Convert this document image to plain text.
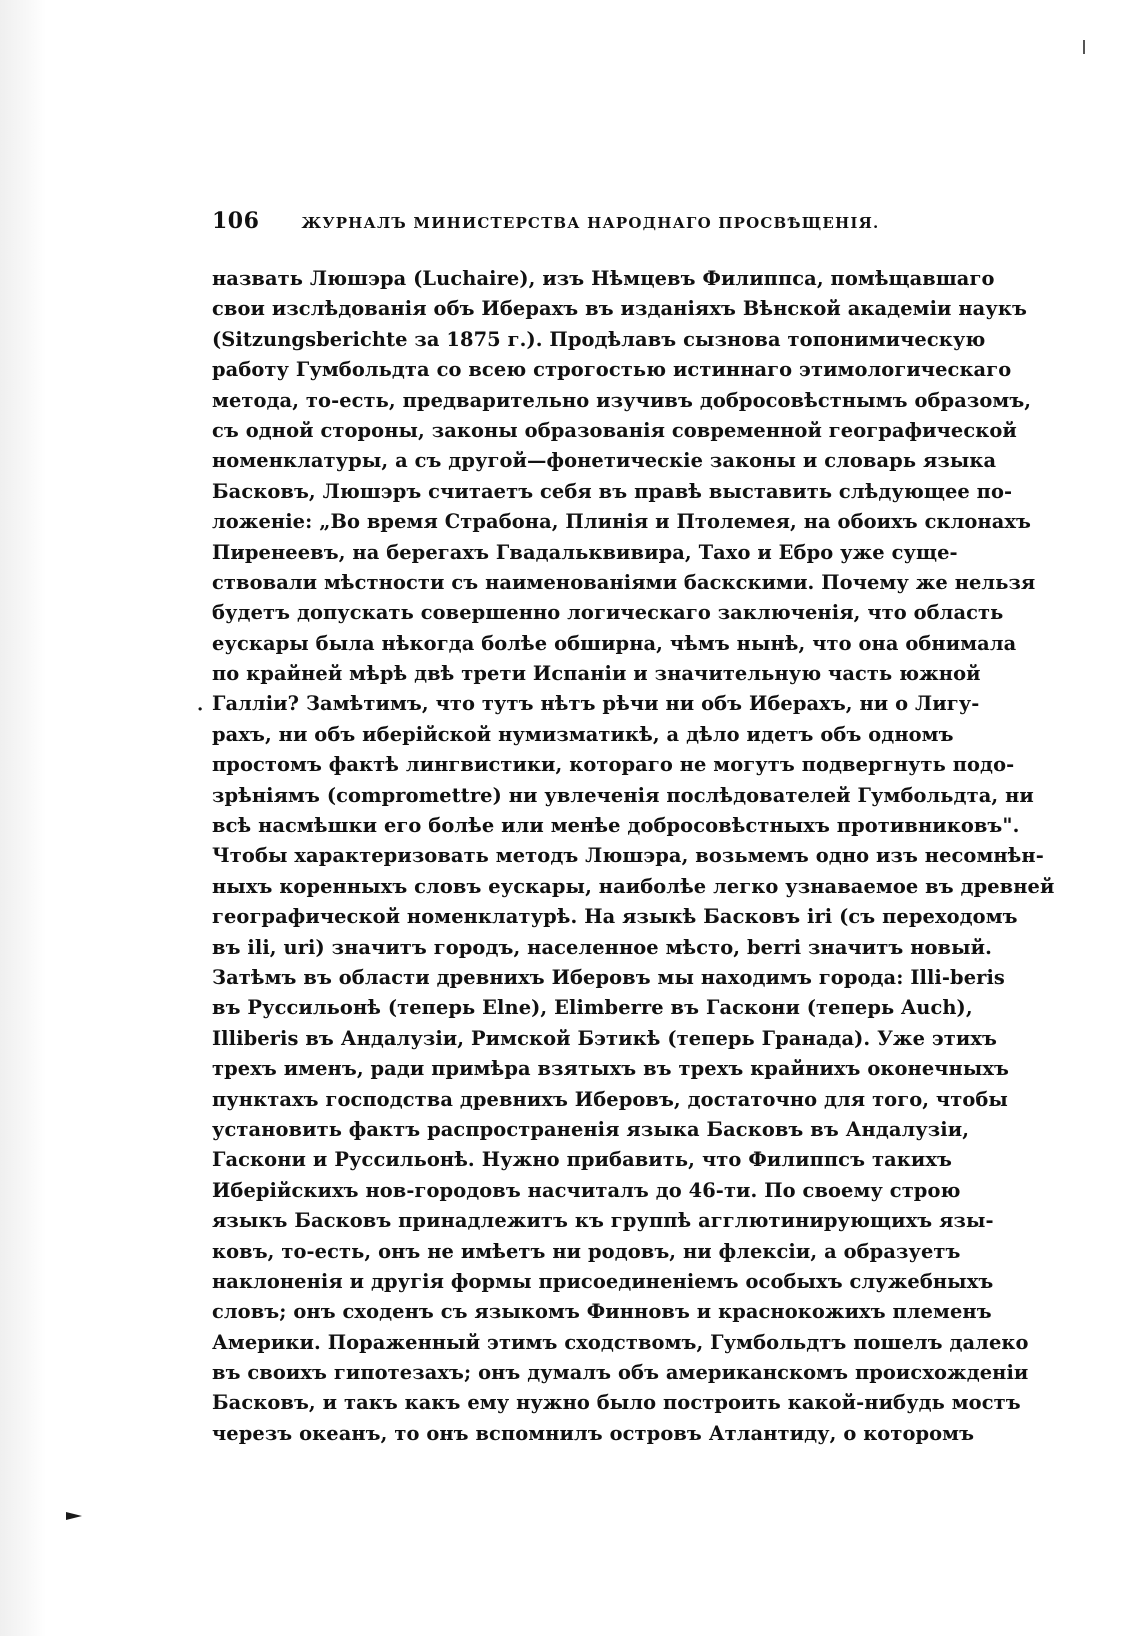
106	ЖУРНАЛЪ МИНИСТЕРСТВА НАРОДНАГО ПРОСВѢЩЕНІЯ.
·
назвать Люшэра (Luchaire), изъ Нѣмцевъ Филиппса, помѣщавшаго
свои изслѣдованія объ Иберахъ въ изданіяхъ Вѣнской академіи наукъ
(Sitzungsberichte за 1875 г.). Продѣлавъ сызнова топонимическую
работу Гумбольдта со всею строгостью истиннаго этимологическаго
метода, то-есть, предварительно изучивъ добросовѣстнымъ образомъ,
съ одной стороны, законы образованія современной географической
номенклатуры, а съ другой—фонетическіе законы и словарь языка
Басковъ, Люшэръ считаетъ себя въ правѣ выставить слѣдующее по-
ложеніе: „Во время Страбона, Плинія и Птолемея, на обоихъ склонахъ
Пиренеевъ, на берегахъ Гвадальквивира, Тахо и Ебро уже суще-
ствовали мѣстности съ наименованіями баскскими. Почему же нельзя
будетъ допускать совершенно логическаго заключенія, что область
еускары была нѣкогда болѣе обширна, чѣмъ нынѣ, что она обнимала
по крайней мѣрѣ двѣ трети Испаніи и значительную часть южной
Галліи? Замѣтимъ, что тутъ нѣтъ рѣчи ни объ Иберахъ, ни о Лигу-
рахъ, ни объ иберійской нумизматикѣ, а дѣло идетъ объ одномъ
простомъ фактѣ лингвистики, котораго не могутъ подвергнуть подо-
зрѣніямъ (compromettre) ни увлеченія послѣдователей Гумбольдта, ни
всѣ насмѣшки его болѣе или менѣе добросовѣстныхъ противниковъ".
Чтобы характеризовать методъ Люшэра, возьмемъ одно изъ несомнѣн-
ныхъ коренныхъ словъ еускары, наиболѣе легко узнаваемое въ древней
географической номенклатурѣ. На языкѣ Басковъ iri (съ переходомъ
въ ili, uri) значитъ городъ, населенное мѣсто, berri значитъ новый.
Затѣмъ въ области древнихъ Иберовъ мы находимъ города: Illi-beris
въ Руссильонѣ (теперь Elne), Elimberre въ Гаскони (теперь Auch),
Illiberis въ Андалузіи, Римской Бэтикѣ (теперь Гранада). Уже этихъ
трехъ именъ, ради примѣра взятыхъ въ трехъ крайнихъ оконечныхъ
пунктахъ господства древнихъ Иберовъ, достаточно для того, чтобы
установить фактъ распространенія языка Басковъ въ Андалузіи,
Гаскони и Руссильонѣ. Нужно прибавить, что Филиппсъ такихъ
Иберійскихъ нов-городовъ насчиталъ до 46-ти. По своему строю
языкъ Басковъ принадлежитъ къ группѣ агглютинирующихъ язы-
ковъ, то-есть, онъ не имѣетъ ни родовъ, ни флексіи, а образуетъ
наклоненія и другія формы присоединеніемъ особыхъ служебныхъ
словъ; онъ сходенъ съ языкомъ Финновъ и краснокожихъ племенъ
Америки. Пораженный этимъ сходствомъ, Гумбольдтъ пошелъ далеко
въ своихъ гипотезахъ; онъ думалъ объ американскомъ происхожденіи
Басковъ, и такъ какъ ему нужно было построить какой-нибудь мостъ
черезъ океанъ, то онъ вспомнилъ островъ Атлантиду, о которомъ
